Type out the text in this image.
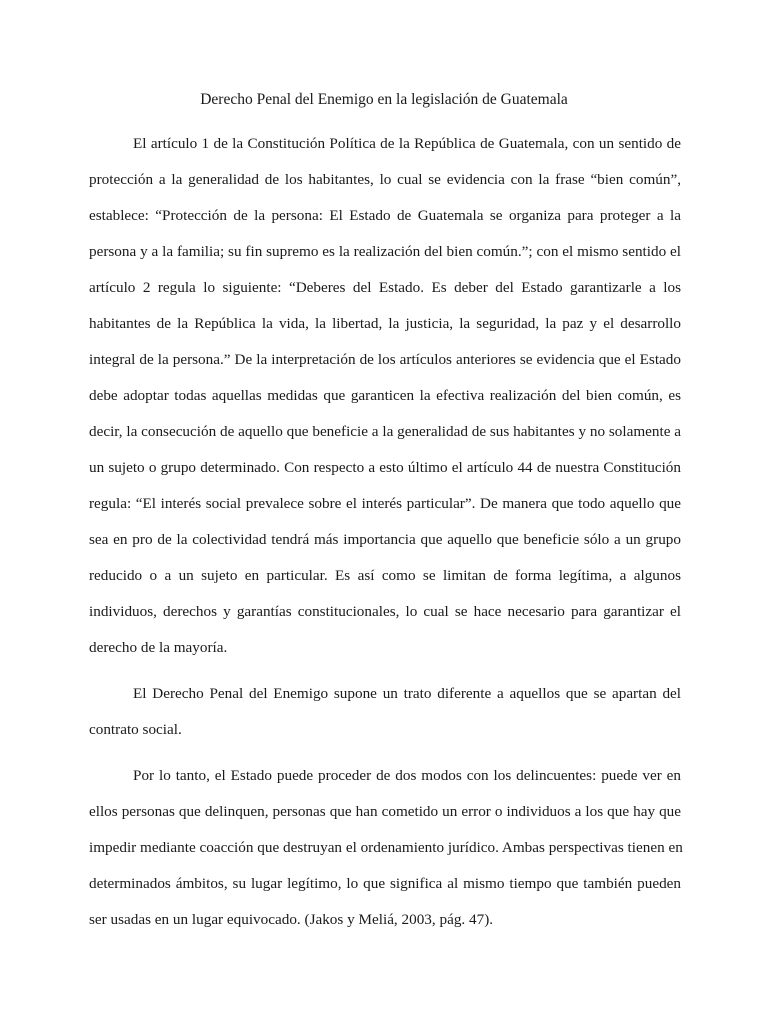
Derecho Penal del Enemigo en la legislación de Guatemala
El artículo 1 de la Constitución Política de la República de Guatemala, con un sentido de
protección a la generalidad de los habitantes, lo cual se evidencia con la frase “bien común”,
establece: “Protección de la persona: El Estado de Guatemala se organiza para proteger a la
persona y a la familia; su fin supremo es la realización del bien común.”; con el mismo sentido el
artículo 2 regula lo siguiente: “Deberes del Estado. Es deber del Estado garantizarle a los
habitantes de la República la vida, la libertad, la justicia, la seguridad, la paz y el desarrollo
integral de la persona.” De la interpretación de los artículos anteriores se evidencia que el Estado
debe adoptar todas aquellas medidas que garanticen la efectiva realización del bien común, es
decir, la consecución de aquello que beneficie a la generalidad de sus habitantes y no solamente a
un sujeto o grupo determinado. Con respecto a esto último el artículo 44 de nuestra Constitución
regula: “El interés social prevalece sobre el interés particular”. De manera que todo aquello que
sea en pro de la colectividad tendrá más importancia que aquello que beneficie sólo a un grupo
reducido o a un sujeto en particular. Es así como se limitan de forma legítima, a algunos
individuos, derechos y garantías constitucionales, lo cual se hace necesario para garantizar el
derecho de la mayoría.
El Derecho Penal del Enemigo supone un trato diferente a aquellos que se apartan del
contrato social.
Por lo tanto, el Estado puede proceder de dos modos con los delincuentes: puede ver en
ellos personas que delinquen, personas que han cometido un error o individuos a los que hay que
impedir mediante coacción que destruyan el ordenamiento jurídico. Ambas perspectivas tienen en
determinados ámbitos, su lugar legítimo, lo que significa al mismo tiempo que también pueden
ser usadas en un lugar equivocado. (Jakos y Meliá, 2003, pág. 47).
